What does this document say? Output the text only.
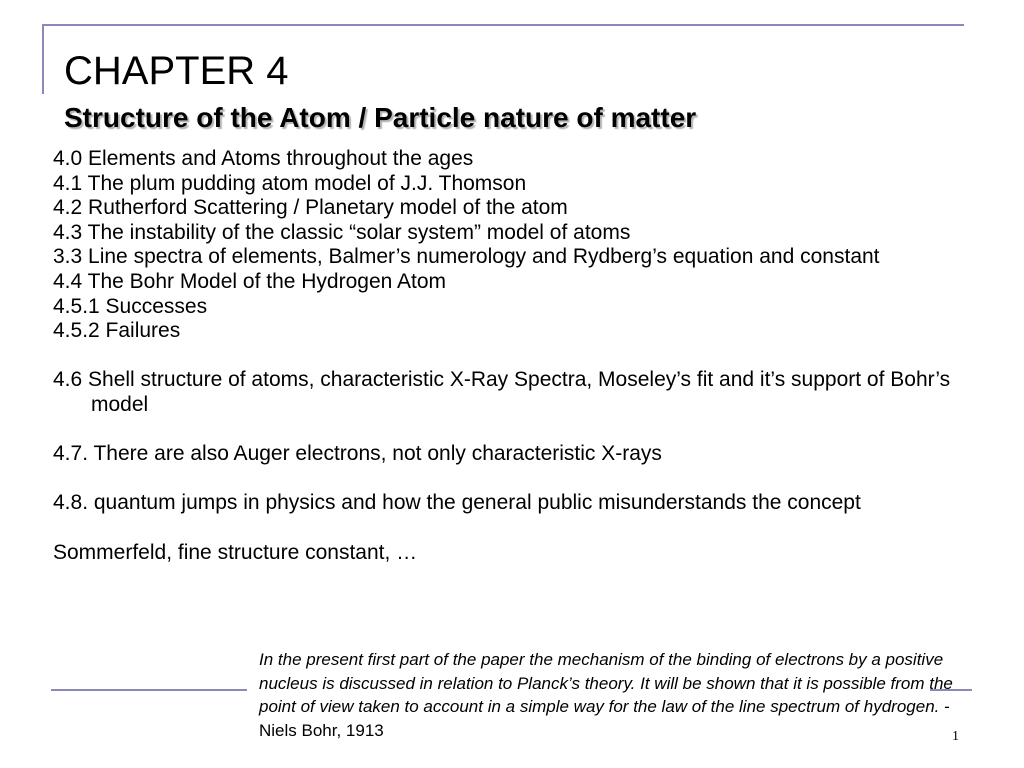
CHAPTER 4
Structure of the Atom / Particle nature of matter
4.0 Elements and Atoms throughout the ages
4.1 The plum pudding atom model of J.J. Thomson
4.2 Rutherford Scattering / Planetary model of the atom
4.3 The instability of the classic “solar system” model of atoms
3.3 Line spectra of elements, Balmer’s numerology and Rydberg’s equation and constant
4.4 The Bohr Model of the Hydrogen Atom
4.5.1 Successes
4.5.2 Failures
4.6 Shell structure of atoms, characteristic X-Ray Spectra, Moseley’s fit and it’s support of Bohr’s model
4.7. There are also Auger electrons, not only characteristic X-rays
4.8. quantum jumps in physics and how the general public misunderstands the concept
Sommerfeld, fine structure constant, …

In the present first part of the paper the mechanism of the binding of electrons by a positive nucleus is discussed in relation to Planck’s theory. It will be shown that it is possible from the point of view taken to account in a simple way for the law of the line spectrum of hydrogen. - Niels Bohr, 1913	1
